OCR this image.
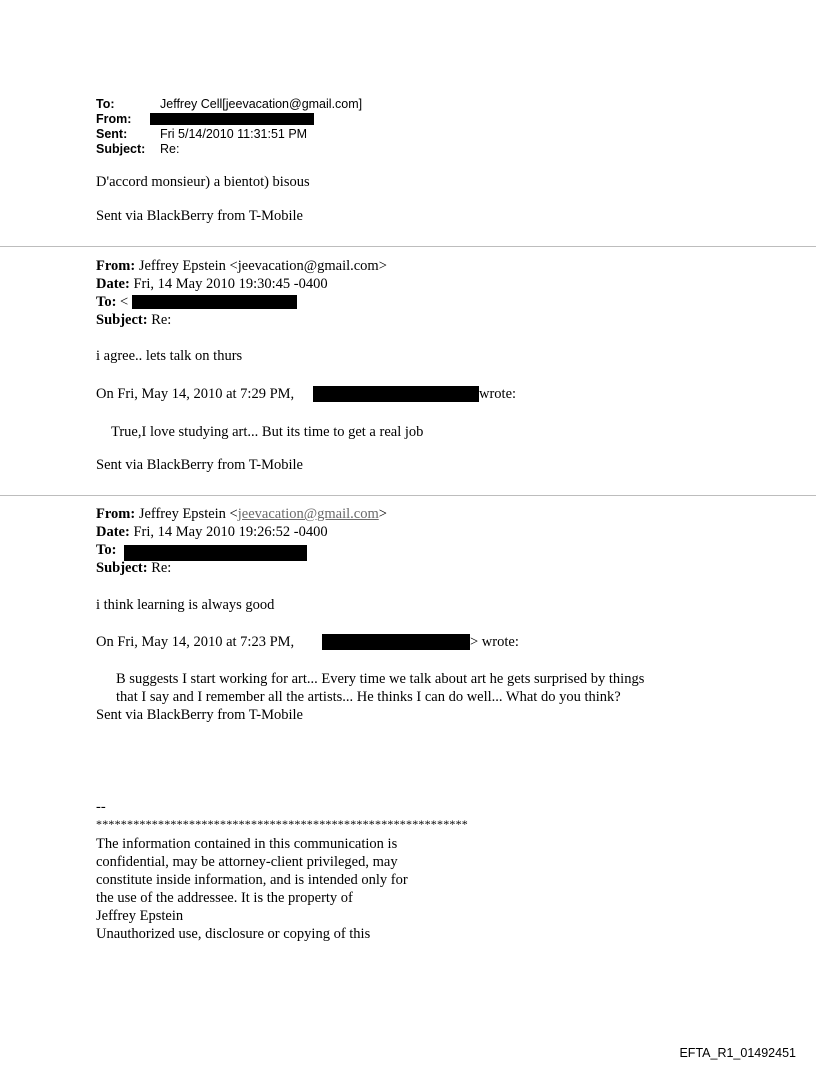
To:	Jeffrey Cell[jeevacation@gmail.com]
From:
Sent:	Fri 5/14/2010 11:31:51 PM
Subject: Re:
D'accord monsieur) a bientot) bisous
Sent via BlackBerry from T-Mobile
From: Jeffrey Epstein <jeevacation@gmail.com>
Date: Fri, 14 May 2010 19:30:45 -0400
To: <
Subject: Re:
i agree.. lets talk on thurs
On Fri, May 14, 2010 at 7:29 PM,	wrote:
True,I love studying art... But its time to get a real job
Sent via BlackBerry from T-Mobile
From: Jeffrey Epstein <jeevacation@gmail.com>
Date: Fri, 14 May 2010 19:26:52 -0400
To:
Subject: Re:
i think learning is always good
On Fri, May 14, 2010 at 7:23 PM,	> wrote:
B suggests I start working for art... Every time we talk about art he gets surprised by things
that I say and I remember all the artists... He thinks I can do well... What do you think?
Sent via BlackBerry from T-Mobile
--
************************************************************
The information contained in this communication is
confidential, may be attorney-client privileged, may
constitute inside information, and is intended only for
the use of the addressee. It is the property of
Jeffrey Epstein
Unauthorized use, disclosure or copying of this
EFTA_R1_01492451
